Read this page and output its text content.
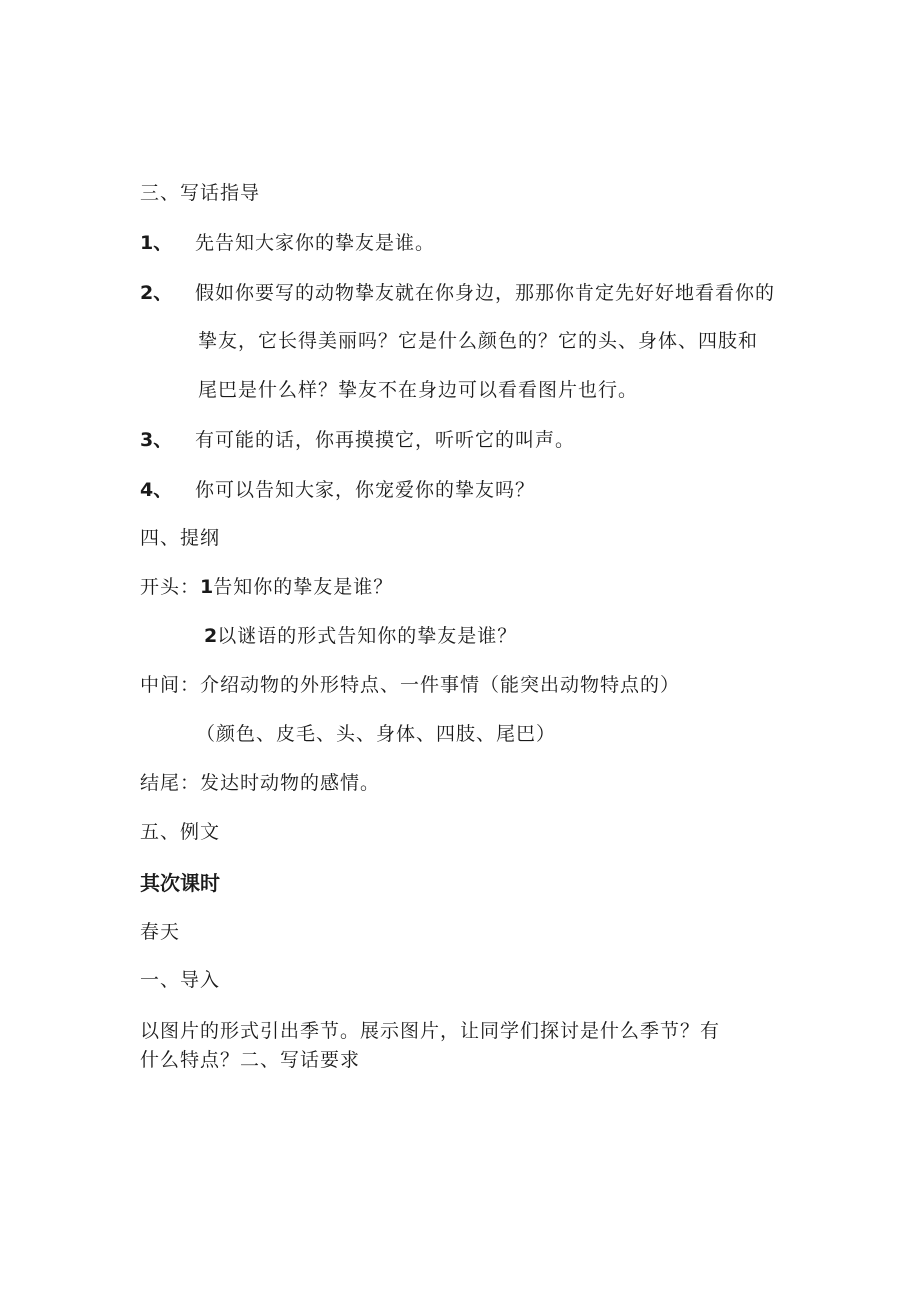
三、写话指导
1、 先告知大家你的挚友是谁。
2、 假如你要写的动物挚友就在你身边，那那你肯定先好好地看看你的
挚友，它长得美丽吗？它是什么颜色的？它的头、身体、四肢和
尾巴是什么样？挚友不在身边可以看看图片也行。
3、 有可能的话，你再摸摸它，听听它的叫声。
4、 你可以告知大家，你宠爱你的挚友吗？
四、提纲
开头：1告知你的挚友是谁？
2以谜语的形式告知你的挚友是谁？
中间：介绍动物的外形特点、一件事情（能突出动物特点的）
（颜色、皮毛、头、身体、四肢、尾巴）
结尾：发达时动物的感情。
五、例文
其次课时
春天
一、导入
以图片的形式引出季节。展示图片，让同学们探讨是什么季节？有
什么特点？二、写话要求
